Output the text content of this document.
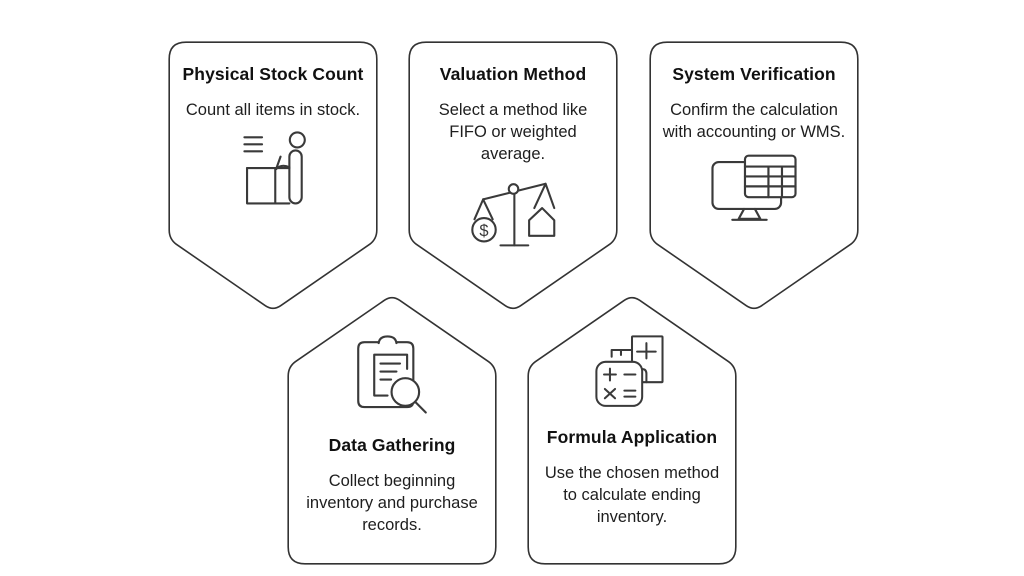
Physical Stock Count
Count all items in stock.
Valuation Method
Select a method like FIFO or weighted average.
$
System Verification
Confirm the calculation with accounting or WMS.
Data Gathering
Collect beginning inventory and purchase records.
Formula Application
Use the chosen method to calculate ending inventory.
